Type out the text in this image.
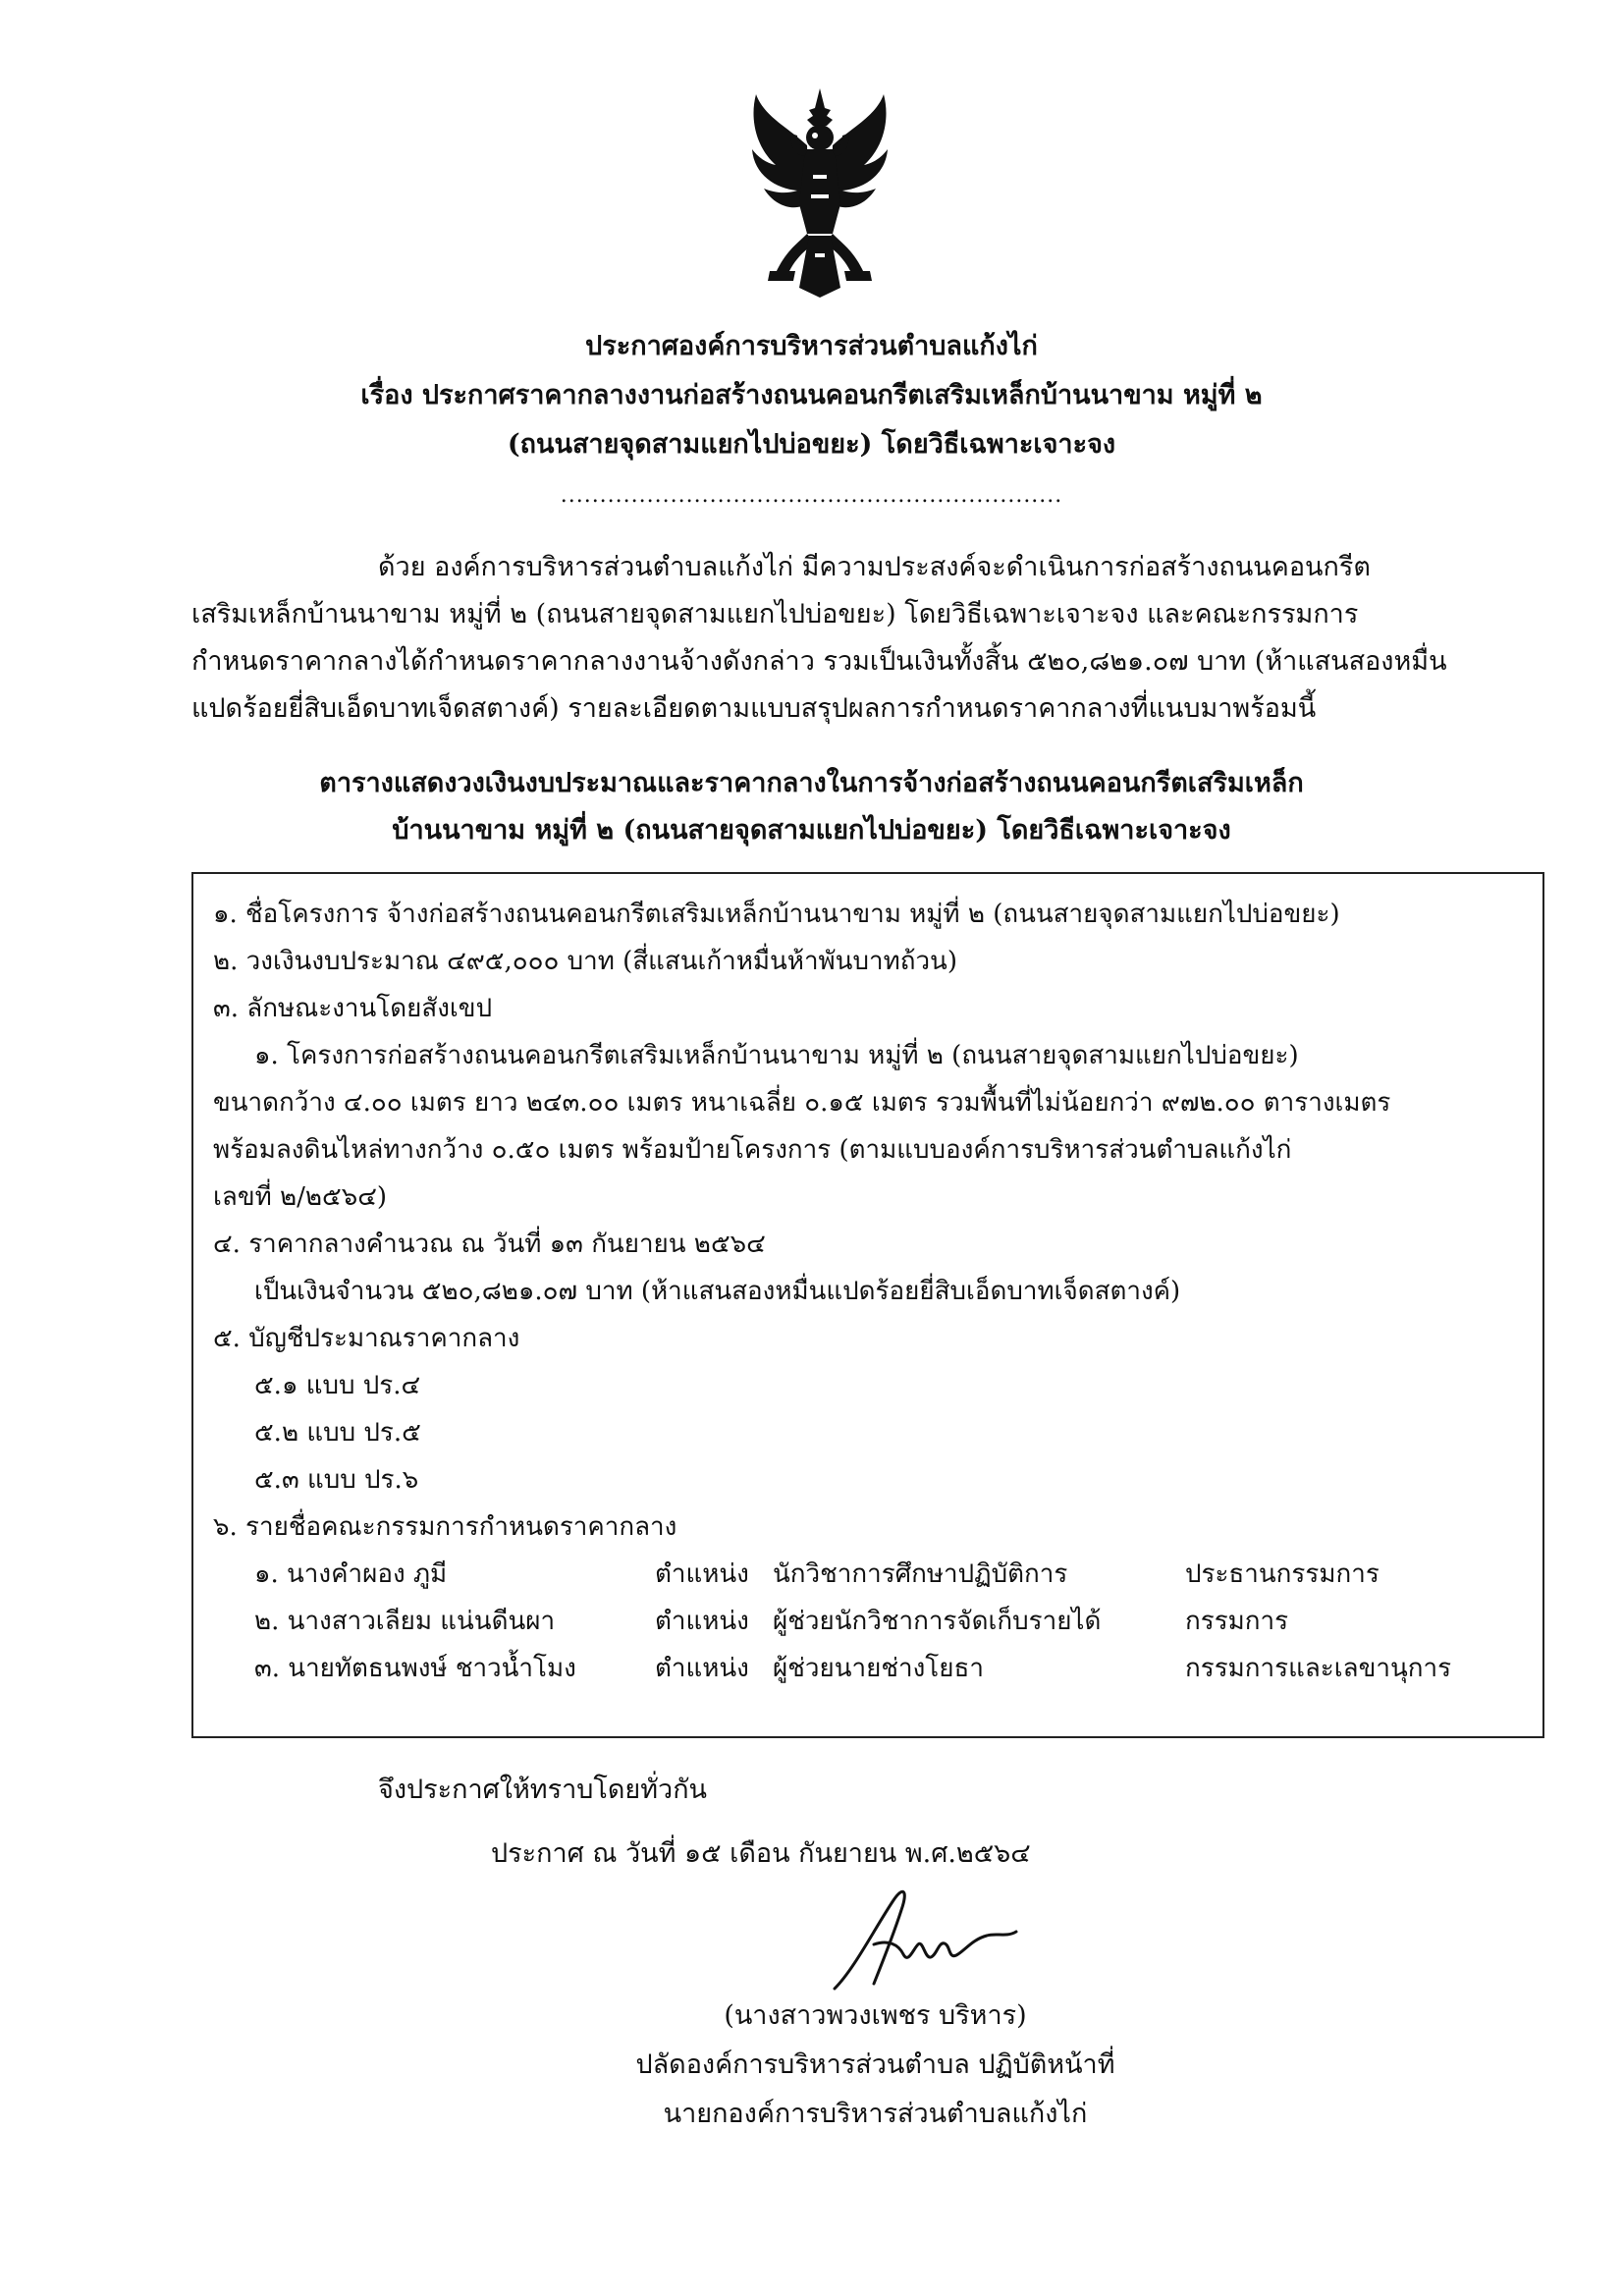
ประกาศองค์การบริหารส่วนตำบลแก้งไก่
เรื่อง ประกาศราคากลางงานก่อสร้างถนนคอนกรีตเสริมเหล็กบ้านนาขาม หมู่ที่ ๒
(ถนนสายจุดสามแยกไปบ่อขยะ) โดยวิธีเฉพาะเจาะจง
................................................................
ด้วย องค์การบริหารส่วนตำบลแก้งไก่ มีความประสงค์จะดำเนินการก่อสร้างถนนคอนกรีต
เสริมเหล็กบ้านนาขาม หมู่ที่ ๒ (ถนนสายจุดสามแยกไปบ่อขยะ) โดยวิธีเฉพาะเจาะจง และคณะกรรมการ
กำหนดราคากลางได้กำหนดราคากลางงานจ้างดังกล่าว รวมเป็นเงินทั้งสิ้น ๕๒๐,๘๒๑.๐๗ บาท (ห้าแสนสองหมื่น
แปดร้อยยี่สิบเอ็ดบาทเจ็ดสตางค์) รายละเอียดตามแบบสรุปผลการกำหนดราคากลางที่แนบมาพร้อมนี้
ตารางแสดงวงเงินงบประมาณและราคากลางในการจ้างก่อสร้างถนนคอนกรีตเสริมเหล็ก
บ้านนาขาม หมู่ที่ ๒ (ถนนสายจุดสามแยกไปบ่อขยะ) โดยวิธีเฉพาะเจาะจง
๑. ชื่อโครงการ จ้างก่อสร้างถนนคอนกรีตเสริมเหล็กบ้านนาขาม หมู่ที่ ๒ (ถนนสายจุดสามแยกไปบ่อขยะ)
๒. วงเงินงบประมาณ ๔๙๕,๐๐๐ บาท (สี่แสนเก้าหมื่นห้าพันบาทถ้วน)
๓. ลักษณะงานโดยสังเขป
๑. โครงการก่อสร้างถนนคอนกรีตเสริมเหล็กบ้านนาขาม หมู่ที่ ๒ (ถนนสายจุดสามแยกไปบ่อขยะ)
ขนาดกว้าง ๔.๐๐ เมตร ยาว ๒๔๓.๐๐ เมตร หนาเฉลี่ย ๐.๑๕ เมตร รวมพื้นที่ไม่น้อยกว่า ๙๗๒.๐๐ ตารางเมตร
พร้อมลงดินไหล่ทางกว้าง ๐.๕๐ เมตร พร้อมป้ายโครงการ (ตามแบบองค์การบริหารส่วนตำบลแก้งไก่
เลขที่ ๒/๒๕๖๔)
๔. ราคากลางคำนวณ ณ วันที่ ๑๓ กันยายน ๒๕๖๔
เป็นเงินจำนวน ๕๒๐,๘๒๑.๐๗ บาท (ห้าแสนสองหมื่นแปดร้อยยี่สิบเอ็ดบาทเจ็ดสตางค์)
๕. บัญชีประมาณราคากลาง
๕.๑ แบบ ปร.๔
๕.๒ แบบ ปร.๕
๕.๓ แบบ ปร.๖
๖. รายชื่อคณะกรรมการกำหนดราคากลาง
๑. นางคำผอง ภูมี	ตำแหน่ง นักวิชาการศึกษาปฏิบัติการ	ประธานกรรมการ
๒. นางสาวเลียม แน่นดีนผา	ตำแหน่ง ผู้ช่วยนักวิชาการจัดเก็บรายได้	กรรมการ
๓. นายทัตธนพงษ์ ชาวน้ำโมง	ตำแหน่ง ผู้ช่วยนายช่างโยธา	กรรมการและเลขานุการ
จึงประกาศให้ทราบโดยทั่วกัน
ประกาศ ณ วันที่ ๑๕ เดือน กันยายน พ.ศ.๒๕๖๔
(นางสาวพวงเพชร บริหาร)
ปลัดองค์การบริหารส่วนตำบล ปฏิบัติหน้าที่
นายกองค์การบริหารส่วนตำบลแก้งไก่
